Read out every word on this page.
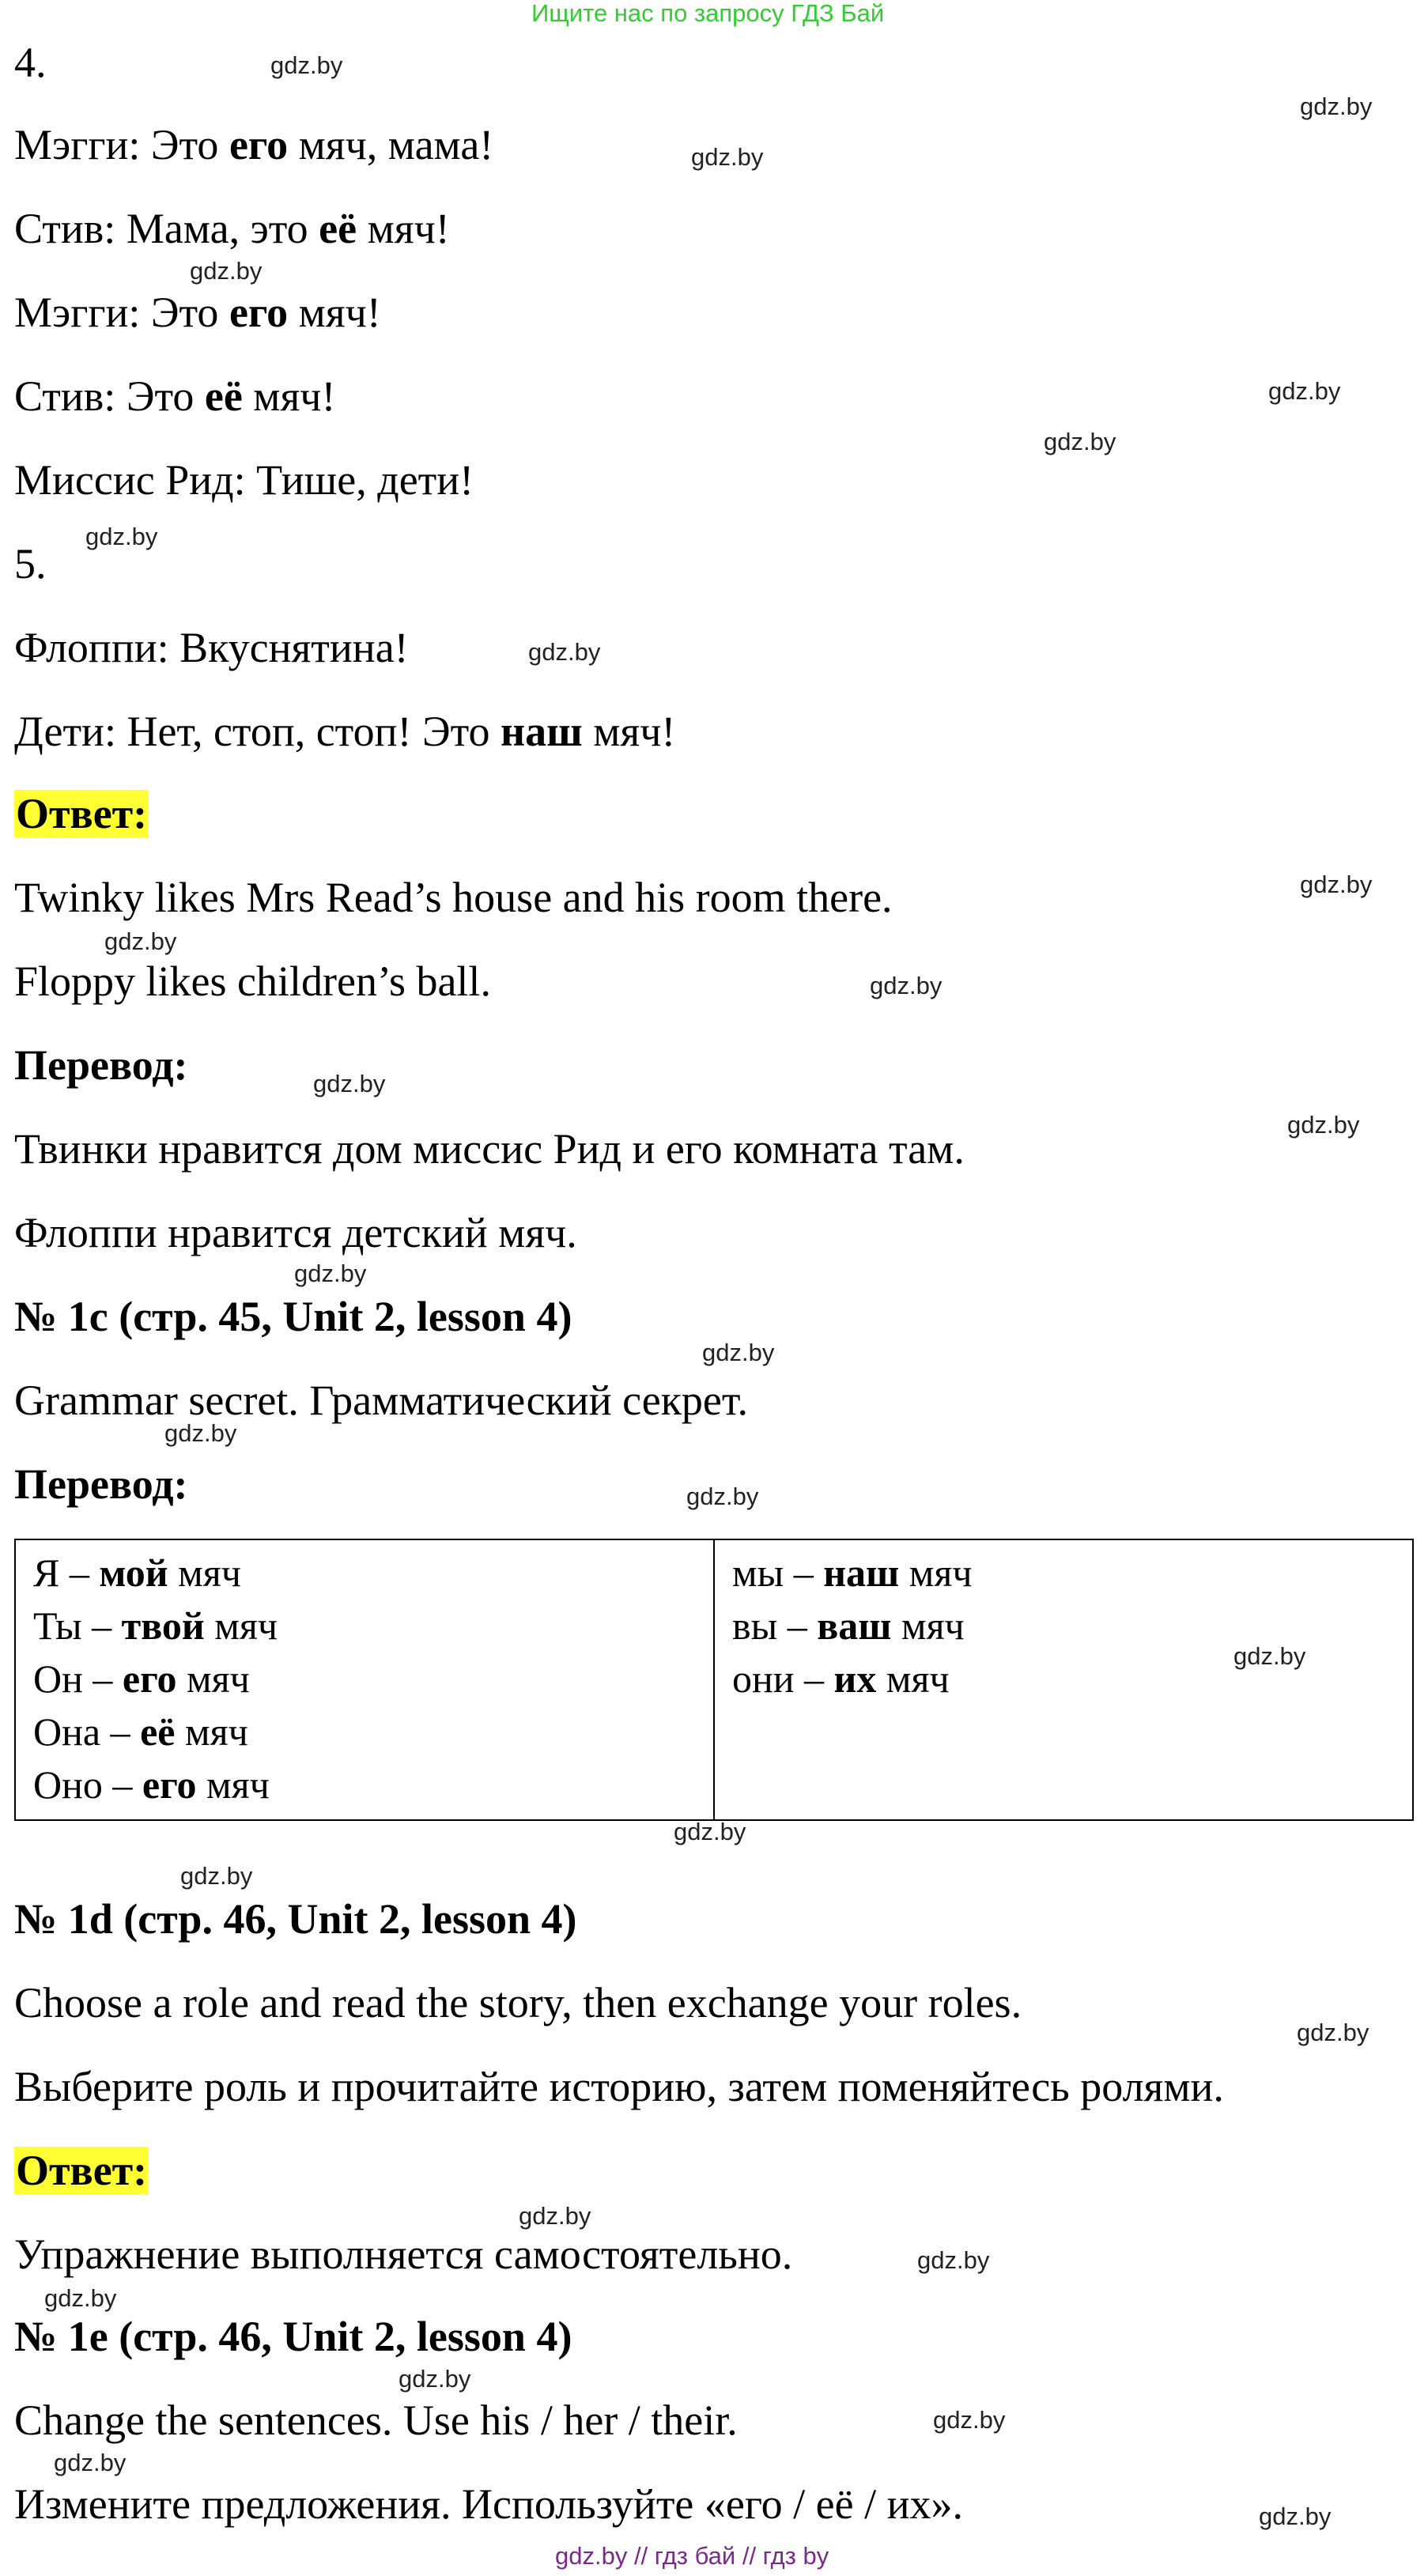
Ищите нас по запросу ГДЗ Бай
4.
Мэгги: Это его мяч, мама!
Стив: Мама, это её мяч!
Мэгги: Это его мяч!
Стив: Это её мяч!
Миссис Рид: Тише, дети!
5.
Флоппи: Вкуснятина!
Дети: Нет, стоп, стоп! Это наш мяч!
Ответ:
Twinky likes Mrs Read’s house and his room there.
Floppy likes children’s ball.
Перевод:
Твинки нравится дом миссис Рид и его комната там.
Флоппи нравится детский мяч.
№ 1c (стр. 45, Unit 2, lesson 4)
Grammar secret. Грамматический секрет.
Перевод:
Я – мой мяч
Ты – твой мяч
Он – его мяч
Она – её мяч
Оно – его мяч

мы – наш мяч
вы – ваш мяч
они – их мяч
№ 1d (стр. 46, Unit 2, lesson 4)
Choose a role and read the story, then exchange your roles.
Выберите роль и прочитайте историю, затем поменяйтесь ролями.
Ответ:
Упражнение выполняется самостоятельно.
№ 1e (стр. 46, Unit 2, lesson 4)
Change the sentences. Use his / her / their.
Измените предложения. Используйте «его / её / их».
gdz.by // гдз бай // гдз by
gdz.by
gdz.by
gdz.by
gdz.by
gdz.by
gdz.by
gdz.by
gdz.by
gdz.by
gdz.by
gdz.by
gdz.by
gdz.by
gdz.by
gdz.by
gdz.by
gdz.by
gdz.by
gdz.by
gdz.by
gdz.by
gdz.by
gdz.by
gdz.by
gdz.by
gdz.by
gdz.by
gdz.by
